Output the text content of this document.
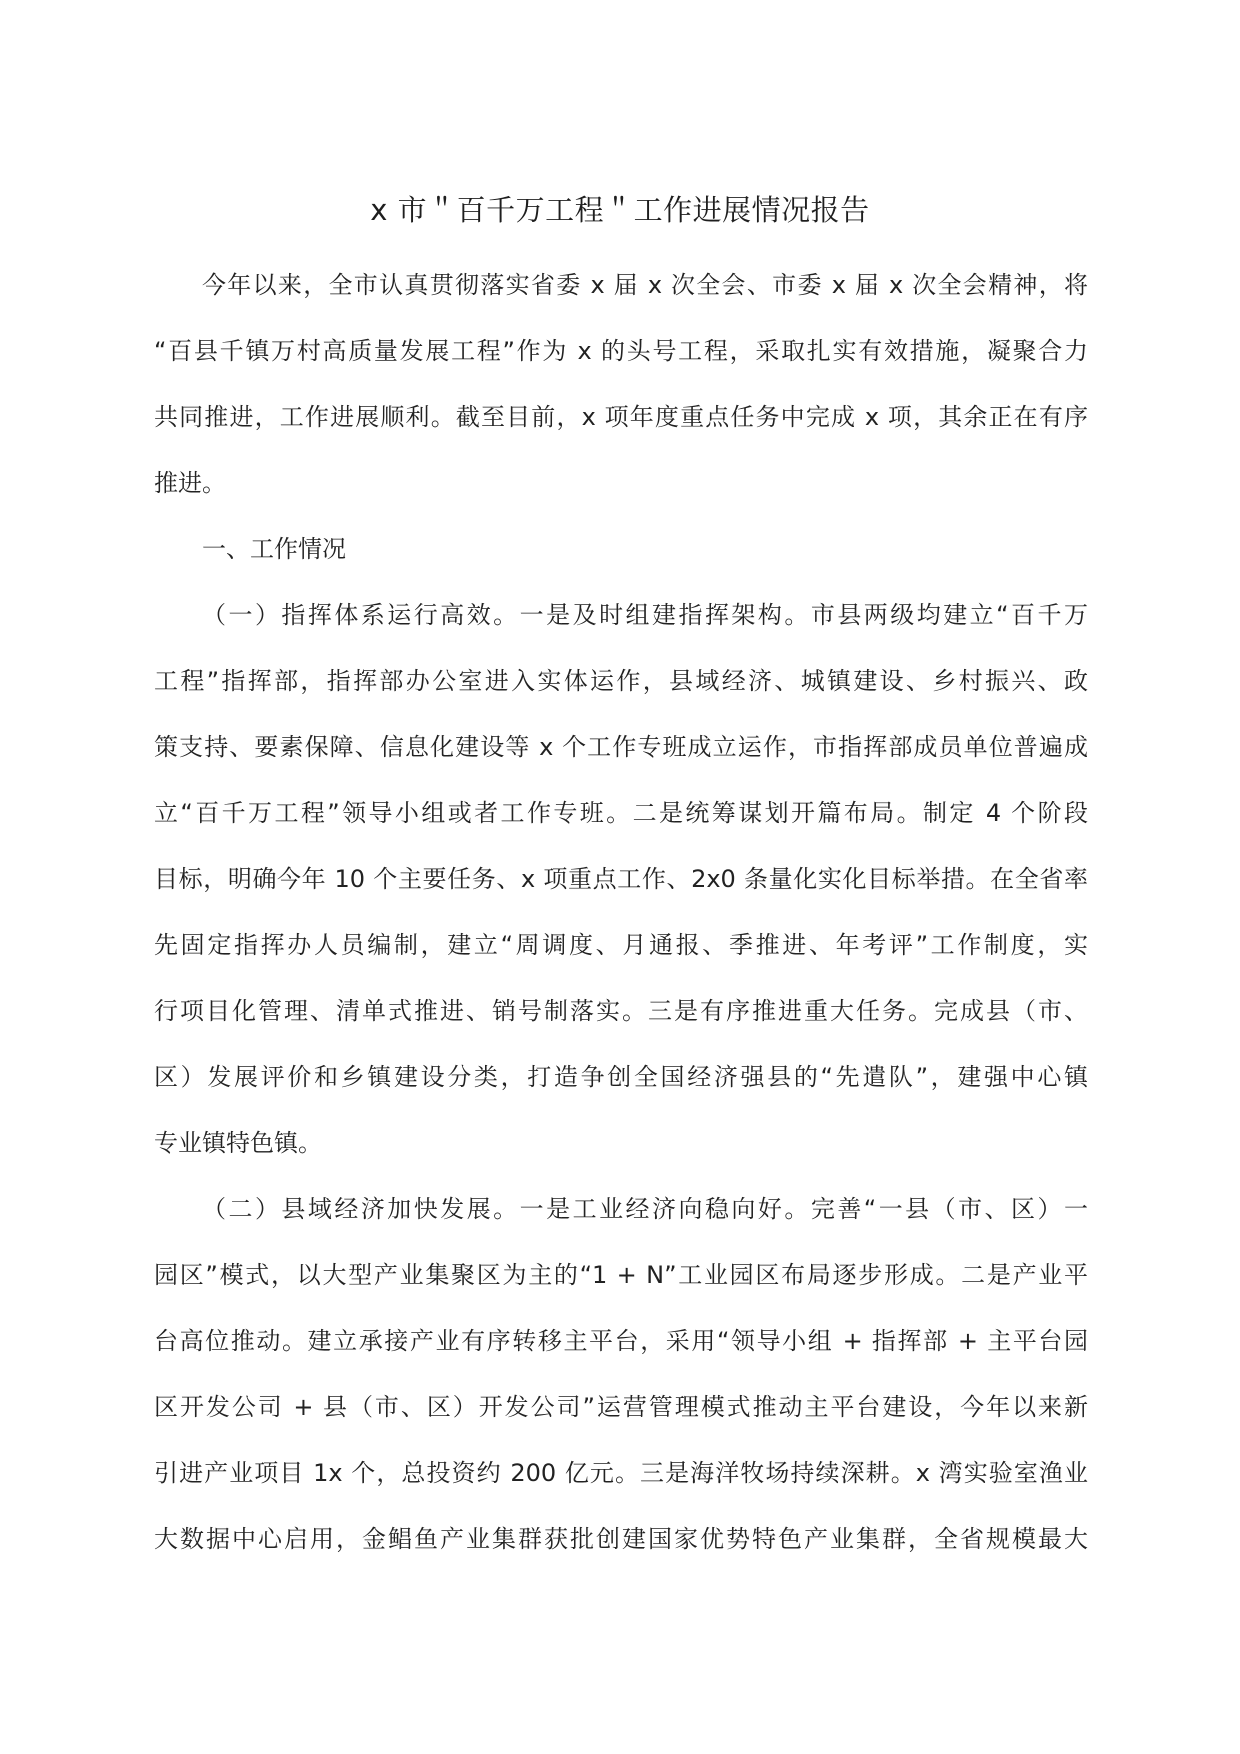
x 市＂百千万工程＂工作进展情况报告

今年以来，全市认真贯彻落实省委 x 届 x 次全会、市委 x 届 x 次全会精神，将
“百县千镇万村高质量发展工程”作为 x 的头号工程，采取扎实有效措施，凝聚合力
共同推进，工作进展顺利。截至目前，x 项年度重点任务中完成 x 项，其余正在有序
推进。

一、工作情况

（一）指挥体系运行高效。一是及时组建指挥架构。市县两级均建立“百千万
工程”指挥部，指挥部办公室进入实体运作，县域经济、城镇建设、乡村振兴、政
策支持、要素保障、信息化建设等 x 个工作专班成立运作，市指挥部成员单位普遍成
立“百千万工程”领导小组或者工作专班。二是统筹谋划开篇布局。制定 4 个阶段
目标，明确今年 10 个主要任务、x 项重点工作、2x0 条量化实化目标举措。在全省率
先固定指挥办人员编制，建立“周调度、月通报、季推进、年考评”工作制度，实
行项目化管理、清单式推进、销号制落实。三是有序推进重大任务。完成县（市、
区）发展评价和乡镇建设分类，打造争创全国经济强县的“先遣队”，建强中心镇
专业镇特色镇。

（二）县域经济加快发展。一是工业经济向稳向好。完善“一县（市、区）一
园区”模式，以大型产业集聚区为主的“1 + N”工业园区布局逐步形成。二是产业平
台高位推动。建立承接产业有序转移主平台，采用“领导小组 + 指挥部 + 主平台园
区开发公司 + 县（市、区）开发公司”运营管理模式推动主平台建设，今年以来新
引进产业项目 1x 个，总投资约 200 亿元。三是海洋牧场持续深耕。x 湾实验室渔业
大数据中心启用，金鲳鱼产业集群获批创建国家优势特色产业集群，全省规模最大
